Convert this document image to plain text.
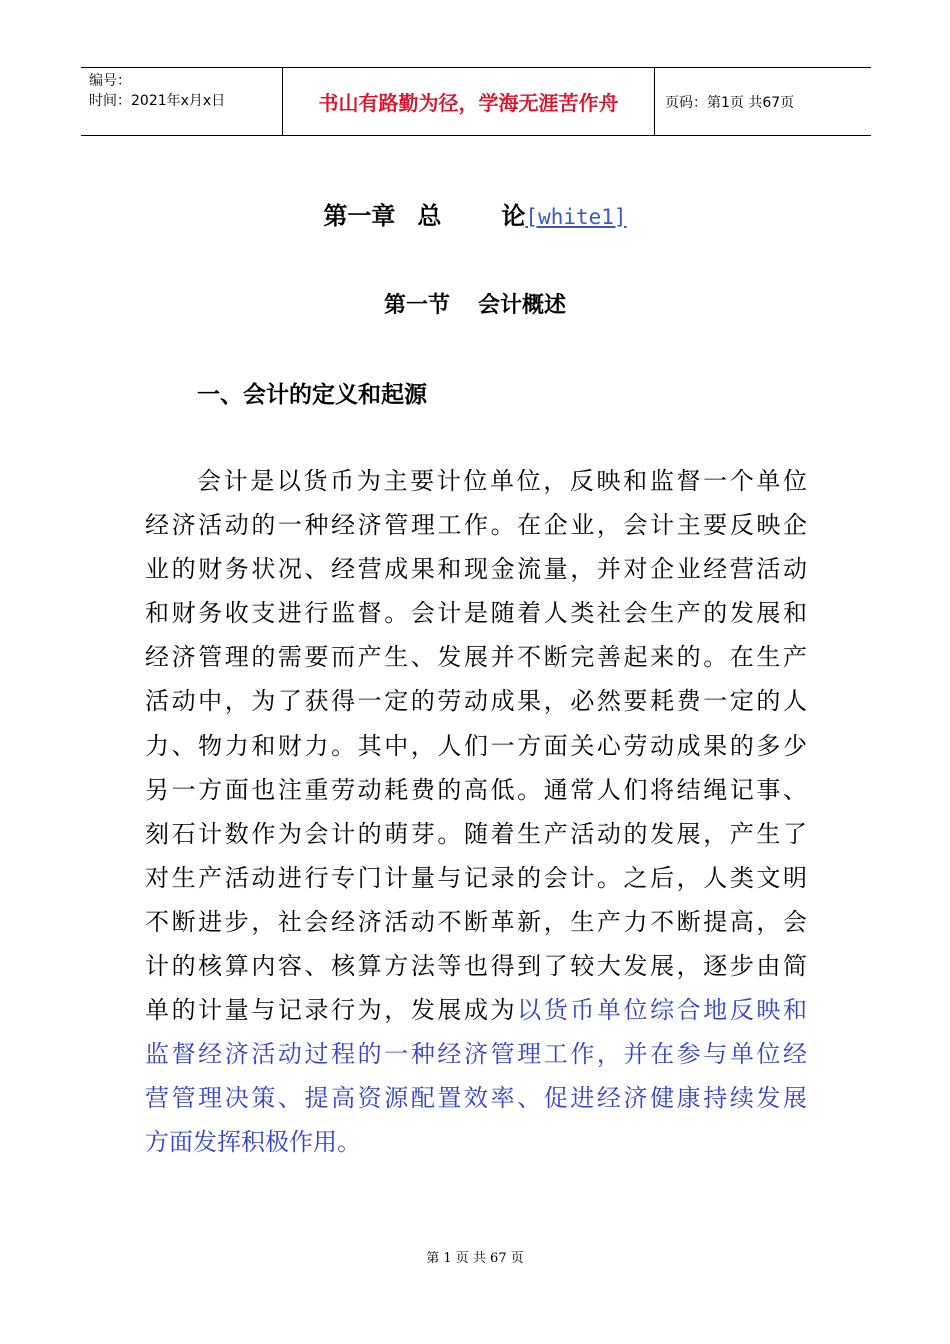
编号：
时间：2021年x月x日	书山有路勤为径，学海无涯苦作舟	页码：第1页 共67页
第一章 总	论[white1]
第一节 会计概述
一、会计的定义和起源
会计是以货币为主要计位单位，反映和监督一个单位
经济活动的一种经济管理工作。在企业，会计主要反映企
业的财务状况、经营成果和现金流量，并对企业经营活动
和财务收支进行监督。会计是随着人类社会生产的发展和
经济管理的需要而产生、发展并不断完善起来的。在生产
活动中，为了获得一定的劳动成果，必然要耗费一定的人
力、物力和财力。其中，人们一方面关心劳动成果的多少
另一方面也注重劳动耗费的高低。通常人们将结绳记事、
刻石计数作为会计的萌芽。随着生产活动的发展，产生了
对生产活动进行专门计量与记录的会计。之后，人类文明
不断进步，社会经济活动不断革新，生产力不断提高，会
计的核算内容、核算方法等也得到了较大发展，逐步由简
单的计量与记录行为，发展成为以货币单位综合地反映和
监督经济活动过程的一种经济管理工作，并在参与单位经
营管理决策、提高资源配置效率、促进经济健康持续发展
方面发挥积极作用。
第 1 页 共 67 页
